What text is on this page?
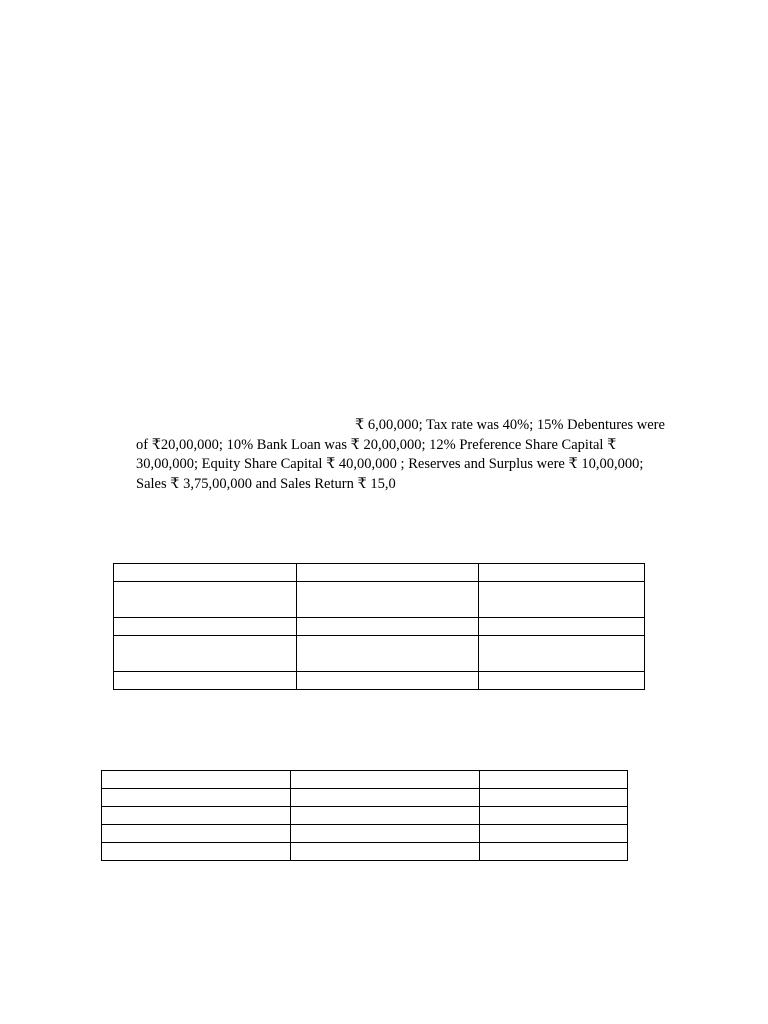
₹ 6,00,000; Tax rate was 40%; 15% Debentures were
of ₹20,00,000; 10% Bank Loan was ₹ 20,00,000; 12% Preference Share Capital ₹
30,00,000; Equity Share Capital ₹ 40,00,000 ; Reserves and Surplus were ₹ 10,00,000;
Sales ₹ 3,75,00,000 and Sales Return ₹ 15,0
